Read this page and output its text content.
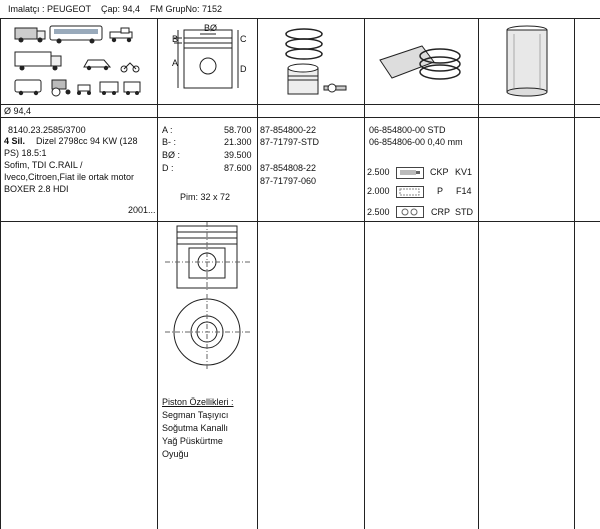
Imalatçı : PEUGEOT Çap: 94,4 FM GrupNo: 7152
B
BØ
C
A
D
Ø 94,4
8140.23.2585/3700
4 Sil. Dizel 2798cc 94 KW (128
PS) 18.5:1
Sofim, TDI C.RAIL /
Iveco,Citroen,Fiat ile ortak motor
BOXER 2.8 HDI
2001...
A :	58.700
B- :	21.300
BØ :	39.500
D :	87.600
Pim: 32 x 72
Piston Özellikleri :
Segman Taşıyıcı
Soğutma Kanallı
Yağ Püskürtme
Oyuğu
87-854800-22
87-71797-STD
87-854808-22
87-71797-060
06-854800-00 STD
06-854806-00 0,40 mm
2.500	CKP KV1
2.000	P F14
2.500	CRP STD
